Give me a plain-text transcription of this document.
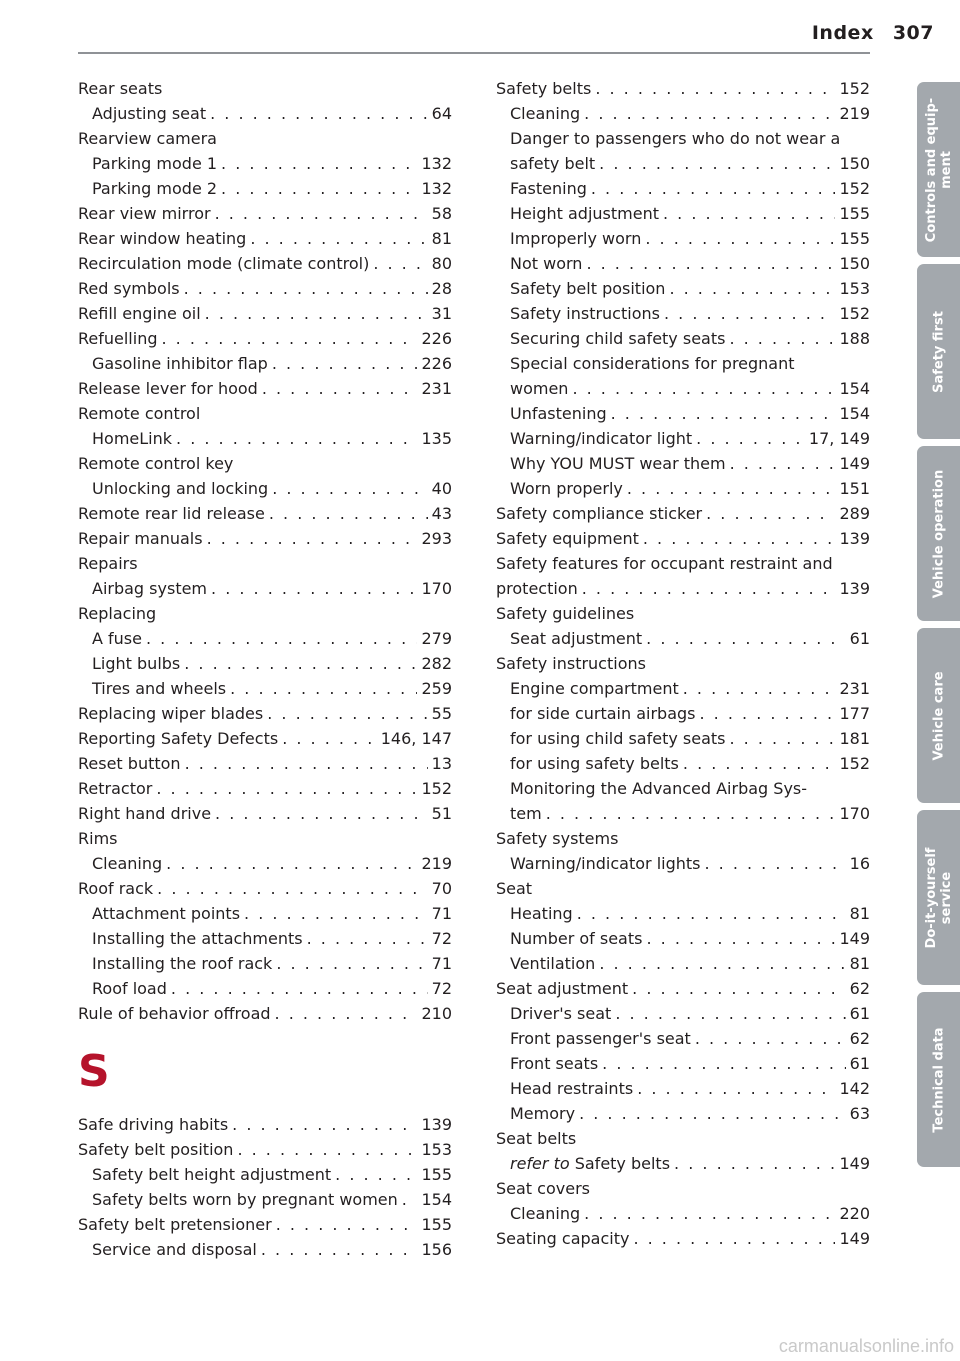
Index 307
Rear seats
Adjusting seat . . .	64
Rearview camera
Parking mode 1 . . .	132
Parking mode 2 . . .	132
Rear view mirror . . .	58
Rear window heating . . .	81
Recirculation mode (climate control) . . .	80
Red symbols . . .	28
Refill engine oil . . .	31
Refuelling . . .	226
Gasoline inhibitor flap . . .	226
Release lever for hood . . .	231
Remote control
HomeLink . . .	135
Remote control key
Unlocking and locking . . .	40
Remote rear lid release . . .	43
Repair manuals . . .	293
Repairs
Airbag system . . .	170
Replacing
A fuse . . .	279
Light bulbs . . .	282
Tires and wheels . . .	259
Replacing wiper blades . . .	55
Reporting Safety Defects . . .	146, 147
Reset button . . .	13
Retractor . . .	152
Right hand drive . . .	51
Rims
Cleaning . . .	219
Roof rack . . .	70
Attachment points . . .	71
Installing the attachments . . .	72
Installing the roof rack . . .	71
Roof load . . .	72
Rule of behavior offroad . . .	210
S
Safe driving habits . . .	139
Safety belt position . . .	153
Safety belt height adjustment . . .	155
Safety belts worn by pregnant women . . . 154
Safety belt pretensioner . . .	155
Service and disposal . . .	156
Safety belts . . .	152
Cleaning . . .	219
Danger to passengers who do not wear a
safety belt . . .	150
Fastening . . .	152
Height adjustment . . .	155
Improperly worn . . .	155
Not worn . . .	150
Safety belt position . . .	153
Safety instructions . . .	152
Securing child safety seats . . .	188
Special considerations for pregnant
women . . .	154
Unfastening . . .	154
Warning/indicator light . . .	17, 149
Why YOU MUST wear them . . .	149
Worn properly . . .	151
Safety compliance sticker . . .	289
Safety equipment . . .	139
Safety features for occupant restraint and
protection . . .	139
Safety guidelines
Seat adjustment . . .	61
Safety instructions
Engine compartment . . .	231
for side curtain airbags . . .	177
for using child safety seats . . .	181
for using safety belts . . .	152
Monitoring the Advanced Airbag Sys-
tem . . .	170
Safety systems
Warning/indicator lights . . .	16
Seat
Heating . . .	81
Number of seats . . .	149
Ventilation . . .	81
Seat adjustment . . .	62
Driver's seat . . .	61
Front passenger's seat . . .	62
Front seats . . .	61
Head restraints . . .	142
Memory . . .	63
Seat belts
refer to Safety belts . . .	149
Seat covers
Cleaning . . .	220
Seating capacity . . .	149
Controls and equip-
ment
Safety first
Vehicle operation
Vehicle care
Do-it-yourself
service
Technical data
carmanualsonline.info
